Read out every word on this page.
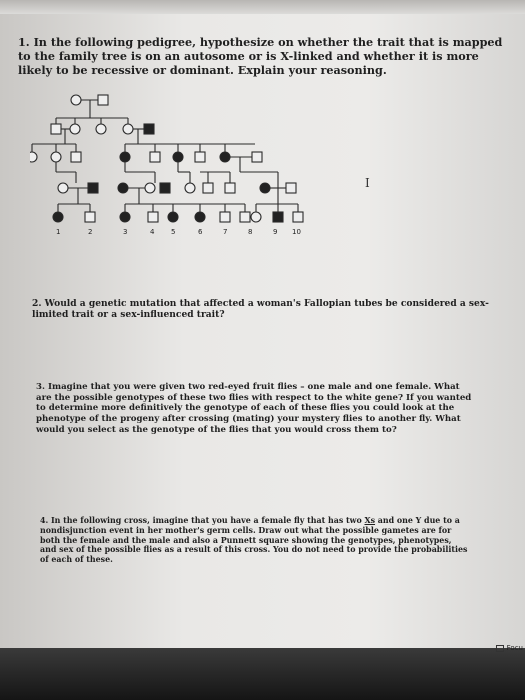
1. In the following pedigree, hypothesize on whether the trait that is mapped to the family tree is on an autosome or is X-linked and whether it is more likely to be recessive or dominant. Explain your reasoning.
1	2	3	4 5	6	7	8	9 10
I
2. Would a genetic mutation that affected a woman's Fallopian tubes be considered a sex-limited trait or a sex-influenced trait?
3. Imagine that you were given two red-eyed fruit flies – one male and one female. What are the possible genotypes of these two flies with respect to the white gene? If you wanted to determine more definitively the genotype of each of these flies you could look at the phenotype of the progeny after crossing (mating) your mystery flies to another fly. What would you select as the genotype of the flies that you would cross them to?
4. In the following cross, imagine that you have a female fly that has two Xs and one Y due to a nondisjunction event in her mother's germ cells. Draw out what the possible gametes are for both the female and the male and also a Punnett square showing the genotypes, phenotypes, and sex of the possible flies as a result of this cross. You do not need to provide the probabilities of each of these.
Focu
